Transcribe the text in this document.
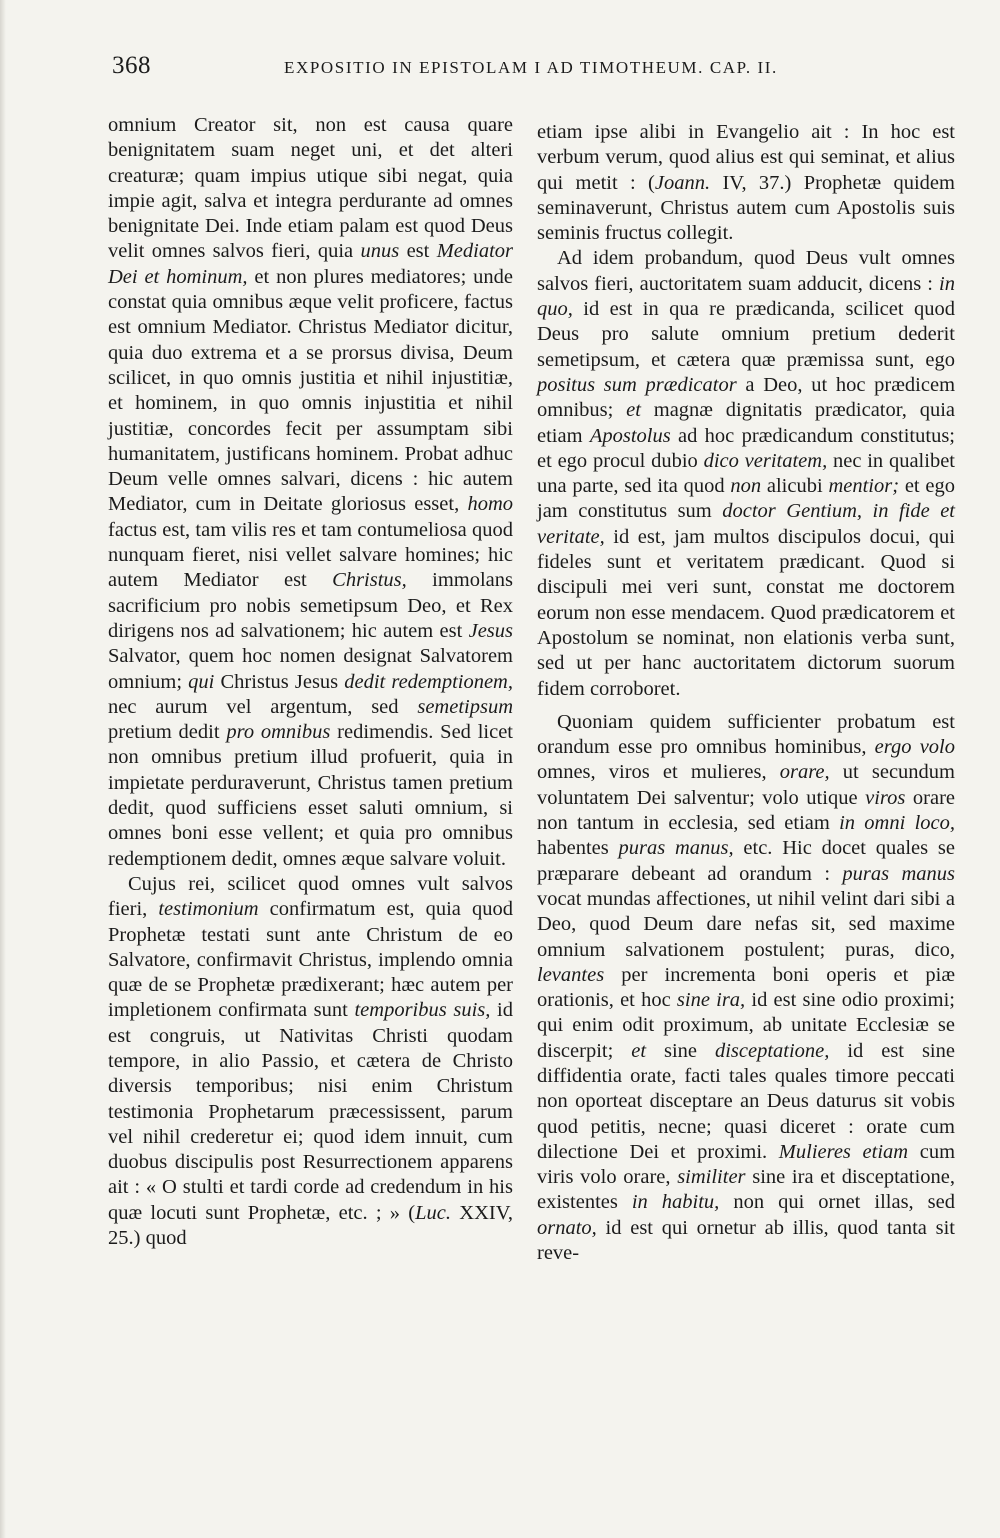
368	EXPOSITIO IN EPISTOLAM I AD TIMOTHEUM. CAP. II.

omnium Creator sit, non est causa quare benignitatem suam neget uni, et det alteri creaturæ; quam impius utique sibi negat, quia impie agit, salva et integra perdurante ad omnes benignitate Dei. Inde etiam palam est quod Deus velit omnes salvos fieri, quia unus est Mediator Dei et hominum, et non plures mediatores; unde constat quia omnibus æque velit proficere, factus est omnium Mediator. Christus Mediator dicitur, quia duo extrema et a se prorsus divisa, Deum scilicet, in quo omnis justitia et nihil injustitiæ, et hominem, in quo omnis injustitia et nihil justitiæ, concordes fecit per assumptam sibi humanitatem, justificans hominem. Probat adhuc Deum velle omnes salvari, dicens : hic autem Mediator, cum in Deitate gloriosus esset, homo factus est, tam vilis res et tam contumeliosa quod nunquam fieret, nisi vellet salvare homines; hic autem Mediator est Christus, immolans sacrificium pro nobis semetipsum Deo, et Rex dirigens nos ad salvationem; hic autem est Jesus Salvator, quem hoc nomen designat Salvatorem omnium; qui Christus Jesus dedit redemptionem, nec aurum vel argentum, sed semetipsum pretium dedit pro omnibus redimendis. Sed licet non omnibus pretium illud profuerit, quia in impietate perduraverunt, Christus tamen pretium dedit, quod sufficiens esset saluti omnium, si omnes boni esse vellent; et quia pro omnibus redemptionem dedit, omnes æque salvare voluit.

Cujus rei, scilicet quod omnes vult salvos fieri, testimonium confirmatum est, quia quod Prophetæ testati sunt ante Christum de eo Salvatore, confirmavit Christus, implendo omnia quæ de se Prophetæ prædixerant; hæc autem per impletionem confirmata sunt temporibus suis, id est congruis, ut Nativitas Christi quodam tempore, in alio Passio, et cætera de Christo diversis temporibus; nisi enim Christum testimonia Prophetarum præcessissent, parum vel nihil crederetur ei; quod idem innuit, cum duobus discipulis post Resurrectionem apparens ait : « O stulti et tardi corde ad credendum in his quæ locuti sunt Prophetæ, etc. ; » (Luc. XXIV, 25.) quod

etiam ipse alibi in Evangelio ait : In hoc est verbum verum, quod alius est qui seminat, et alius qui metit : (Joann. IV, 37.) Prophetæ quidem seminaverunt, Christus autem cum Apostolis suis seminis fructus collegit.

Ad idem probandum, quod Deus vult omnes salvos fieri, auctoritatem suam adducit, dicens : in quo, id est in qua re prædicanda, scilicet quod Deus pro salute omnium pretium dederit semetipsum, et cætera quæ præmissa sunt, ego positus sum prædicator a Deo, ut hoc prædicem omnibus; et magnæ dignitatis prædicator, quia etiam Apostolus ad hoc prædicandum constitutus; et ego procul dubio dico veritatem, nec in qualibet una parte, sed ita quod non alicubi mentior; et ego jam constitutus sum doctor Gentium, in fide et veritate, id est, jam multos discipulos docui, qui fideles sunt et veritatem prædicant. Quod si discipuli mei veri sunt, constat me doctorem eorum non esse mendacem. Quod prædicatorem et Apostolum se nominat, non elationis verba sunt, sed ut per hanc auctoritatem dictorum suorum fidem corroboret.

Quoniam quidem sufficienter probatum est orandum esse pro omnibus hominibus, ergo volo omnes, viros et mulieres, orare, ut secundum voluntatem Dei salventur; volo utique viros orare non tantum in ecclesia, sed etiam in omni loco, habentes puras manus, etc. Hic docet quales se præparare debeant ad orandum : puras manus vocat mundas affectiones, ut nihil velint dari sibi a Deo, quod Deum dare nefas sit, sed maxime omnium salvationem postulent; puras, dico, levantes per incrementa boni operis et piæ orationis, et hoc sine ira, id est sine odio proximi; qui enim odit proximum, ab unitate Ecclesiæ se discerpit; et sine disceptatione, id est sine diffidentia orate, facti tales quales timore peccati non oporteat disceptare an Deus daturus sit vobis quod petitis, necne; quasi diceret : orate cum dilectione Dei et proximi. Mulieres etiam cum viris volo orare, similiter sine ira et disceptatione, existentes in habitu, non qui ornet illas, sed ornato, id est qui ornetur ab illis, quod tanta sit reve-
